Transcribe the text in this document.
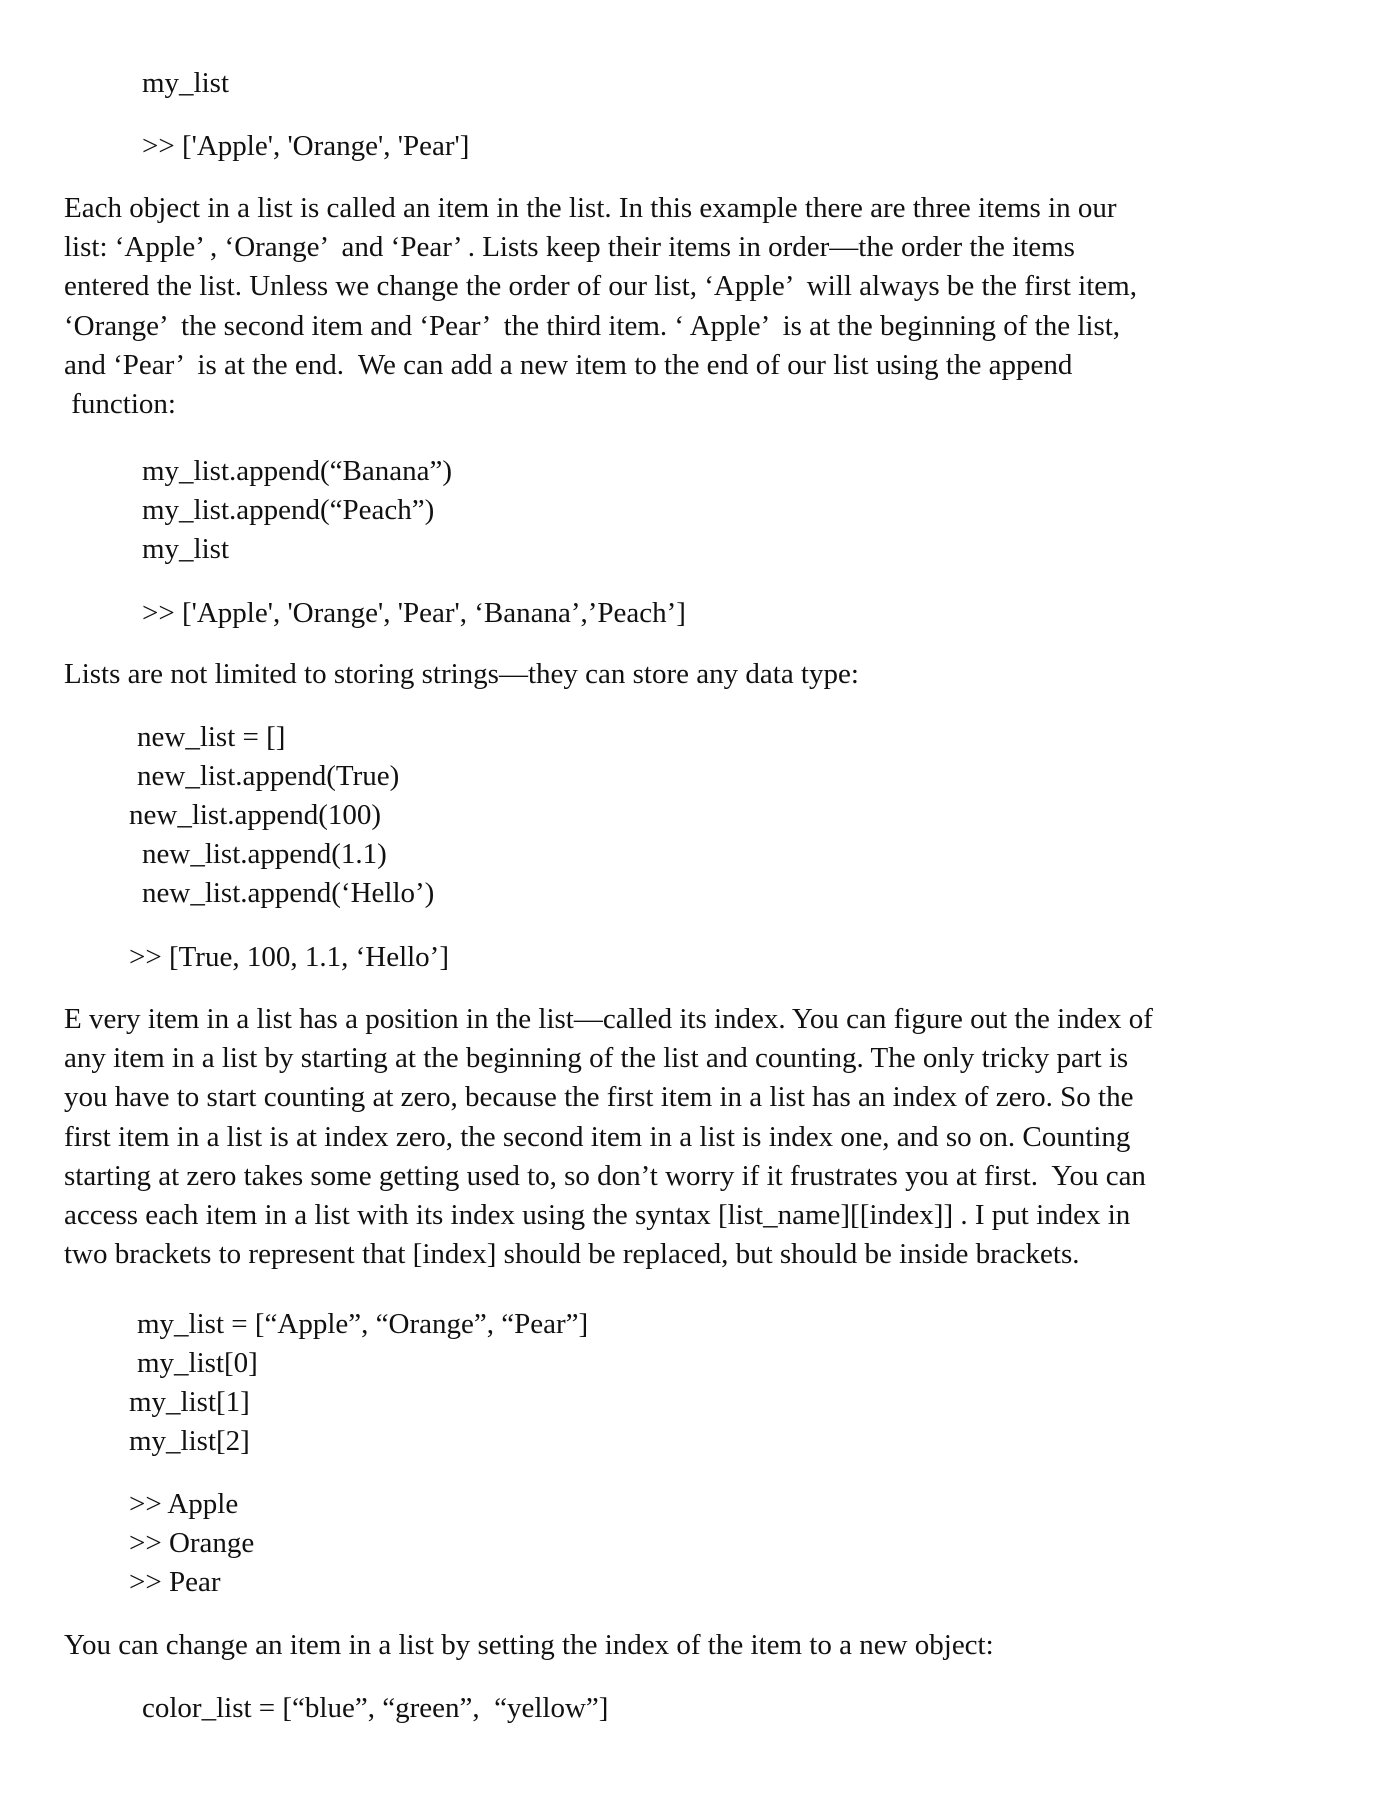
my_list

>> ['Apple', 'Orange', 'Pear']

Each object in a list is called an item in the list. In this example there are three items in our
list: ‘Apple’ , ‘Orange’  and ‘Pear’ . Lists keep their items in order—the order the items
entered the list. Unless we change the order of our list, ‘Apple’  will always be the first item,
‘Orange’  the second item and ‘Pear’  the third item. ‘ Apple’  is at the beginning of the list,
and ‘Pear’  is at the end.  We can add a new item to the end of our list using the append
function:

my_list.append(“Banana”)

my_list.append(“Peach”)

my_list

>> ['Apple', 'Orange', 'Pear', ‘Banana’,’Peach’]

Lists are not limited to storing strings—they can store any data type:

new_list = []

new_list.append(True)

new_list.append(100)

new_list.append(1.1)

new_list.append(‘Hello’)

>> [True, 100, 1.1, ‘Hello’]

E very item in a list has a position in the list—called its index. You can figure out the index of
any item in a list by starting at the beginning of the list and counting. The only tricky part is
you have to start counting at zero, because the first item in a list has an index of zero. So the
first item in a list is at index zero, the second item in a list is index one, and so on. Counting
starting at zero takes some getting used to, so don’t worry if it frustrates you at first.  You can
access each item in a list with its index using the syntax [list_name][[index]] . I put index in
two brackets to represent that [index] should be replaced, but should be inside brackets.

my_list = [“Apple”, “Orange”, “Pear”]

my_list[0]

my_list[1]

my_list[2]

>> Apple

>> Orange

>> Pear

You can change an item in a list by setting the index of the item to a new object:

color_list = [“blue”, “green”,  “yellow”]
